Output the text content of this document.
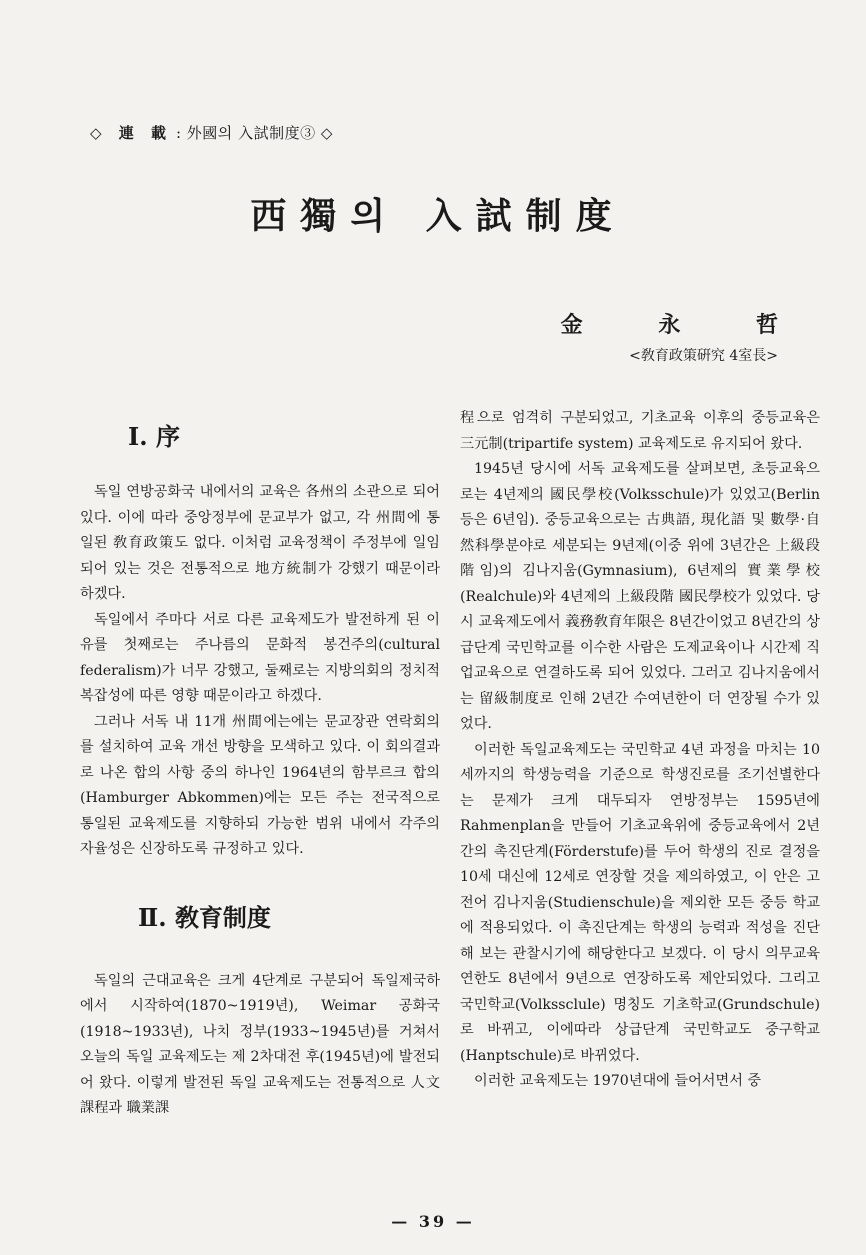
◇ 連 載 : 外國의 入試制度③ ◇
西獨의 入試制度
金 永 哲
<敎育政策硏究 4室長>
Ⅰ. 序

독일 연방공화국 내에서의 교육은 各州의 소관으로 되어 있다. 이에 따라 중앙정부에 문교부가 없고, 각 州間에 통일된 敎育政策도 없다. 이처럼 교육정책이 주정부에 일임되어 있는 것은 전통적으로 地方統制가 강했기 때문이라 하겠다.

독일에서 주마다 서로 다른 교육제도가 발전하게 된 이유를 첫째로는 주나름의 문화적 봉건주의(cultural federalism)가 너무 강했고, 둘째로는 지방의회의 정치적 복잡성에 따른 영향 때문이라고 하겠다.

그러나 서독 내 11개 州間에는에는 문교장관 연락회의를 설치하여 교육 개선 방향을 모색하고 있다. 이 회의결과로 나온 합의 사항 중의 하나인 1964년의 함부르크 합의(Hamburger Abkommen)에는 모든 주는 전국적으로 통일된 교육제도를 지향하되 가능한 범위 내에서 각주의 자율성은 신장하도록 규정하고 있다.

Ⅱ. 敎育制度

독일의 근대교육은 크게 4단계로 구분되어 독일제국하에서 시작하여(1870~1919년), Weimar 공화국(1918~1933년), 나치 정부(1933~1945년)를 거쳐서 오늘의 독일 교육제도는 제 2차대전 후(1945년)에 발전되어 왔다. 이렇게 발전된 독일 교육제도는 전통적으로 人文課程과 職業課

程으로 엄격히 구분되었고, 기초교육 이후의 중등교육은 三元制(tripartife system) 교육제도로 유지되어 왔다.

1945년 당시에 서독 교육제도를 살펴보면, 초등교육으로는 4년제의 國民學校(Volksschule)가 있었고(Berlin등은 6년임). 중등교육으로는 古典語, 現化語 및 數學·自然科學분야로 세분되는 9년제(이중 위에 3년간은 上級段階임)의 김나지움(Gymnasium), 6년제의 實業學校(Realchule)와 4년제의 上級段階 國民學校가 있었다. 당시 교육제도에서 義務敎育年限은 8년간이었고 8년간의 상급단계 국민학교를 이수한 사람은 도제교육이나 시간제 직업교육으로 연결하도록 되어 있었다. 그러고 김나지움에서는 留級制度로 인해 2년간 수여년한이 더 연장될 수가 있었다.

이러한 독일교육제도는 국민학교 4년 과정을 마치는 10세까지의 학생능력을 기준으로 학생진로를 조기선별한다는 문제가 크게 대두되자 연방정부는 1595년에 Rahmenplan을 만들어 기초교육위에 중등교육에서 2년간의 촉진단계(Förderstufe)를 두어 학생의 진로 결정을 10세 대신에 12세로 연장할 것을 제의하였고, 이 안은 고전어 김나지움(Studienschule)을 제외한 모든 중등 학교에 적용되었다. 이 촉진단계는 학생의 능력과 적성을 진단해 보는 관찰시기에 해당한다고 보겠다. 이 당시 의무교육 연한도 8년에서 9년으로 연장하도록 제안되었다. 그리고 국민학교(Volkssclule) 명칭도 기초학교(Grundschule)로 바뀌고, 이에따라 상급단계 국민학교도 중구학교(Hanptschule)로 바뀌었다.

이러한 교육제도는 1970년대에 들어서면서 중

— 39 —
